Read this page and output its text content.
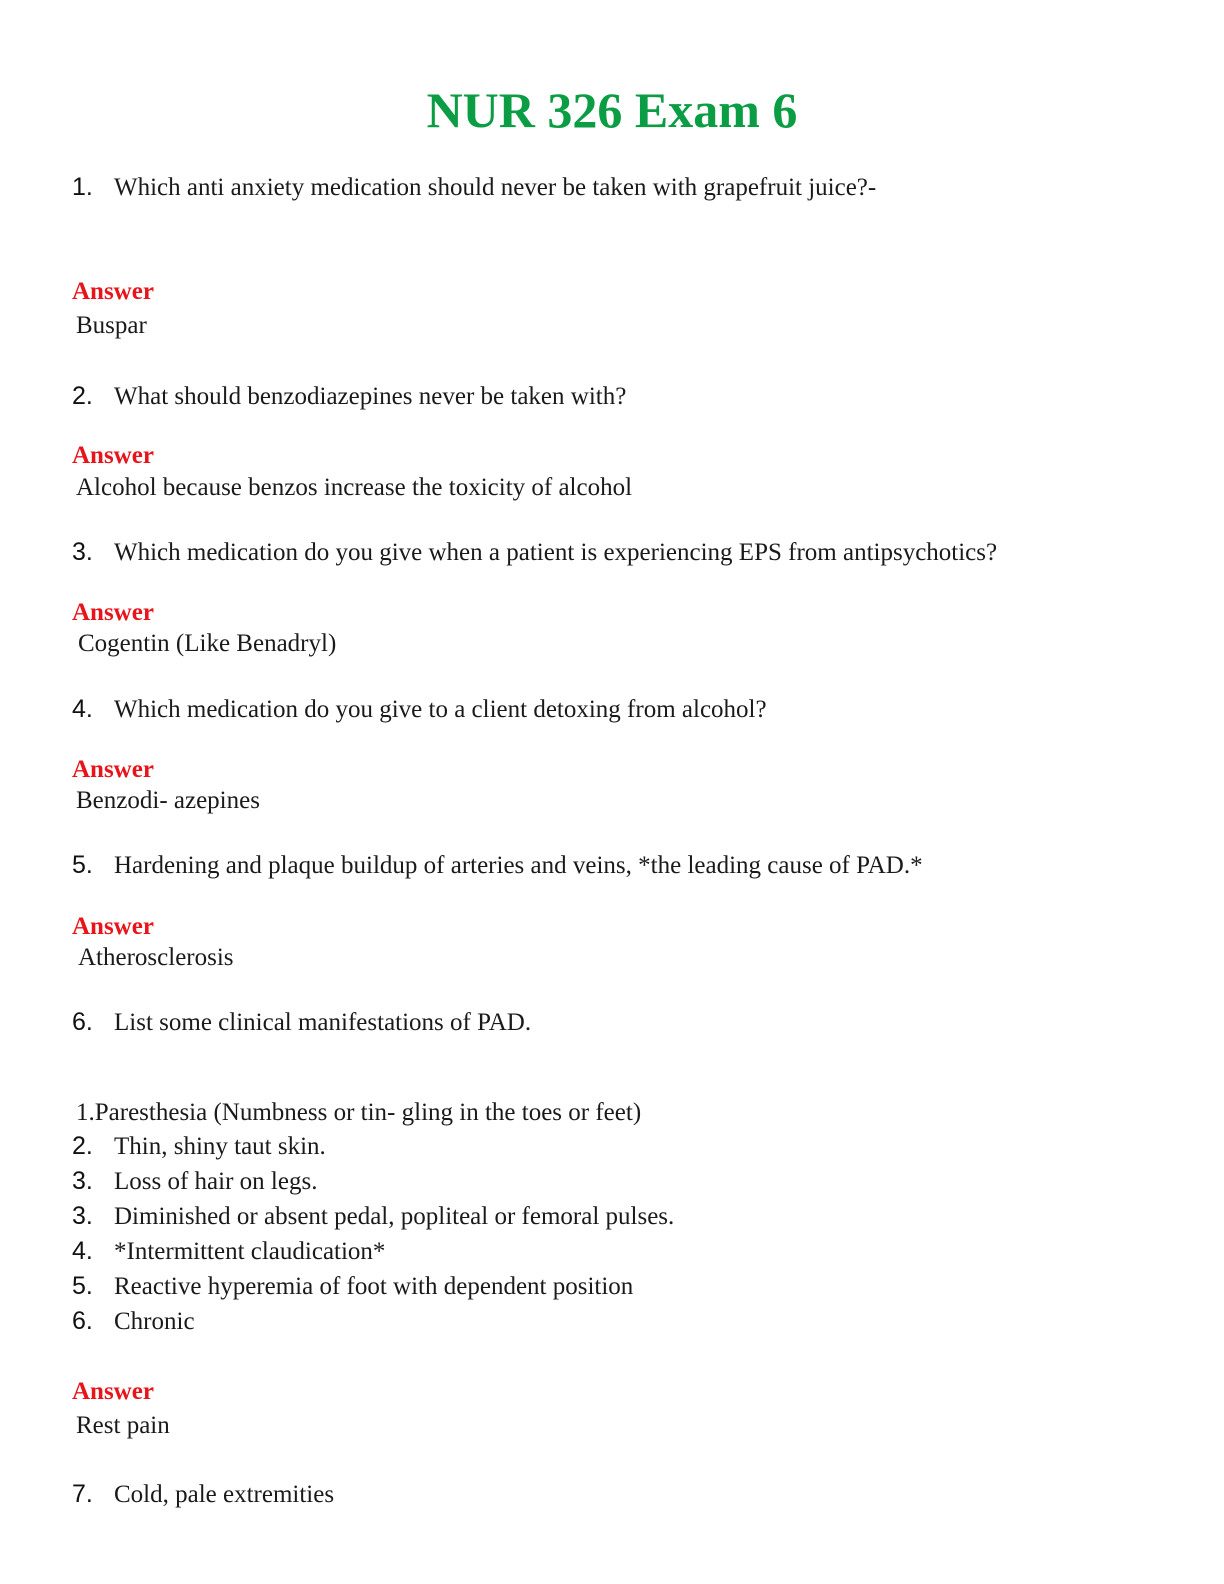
NUR 326 Exam 6
1. Which anti anxiety medication should never be taken with grapefruit juice?-
Answer
Buspar
2. What should benzodiazepines never be taken with?
Answer
Alcohol because benzos increase the toxicity of alcohol
3. Which medication do you give when a patient is experiencing EPS from antipsychotics?
Answer
Cogentin (Like Benadryl)
4. Which medication do you give to a client detoxing from alcohol?
Answer
Benzodi- azepines
5. Hardening and plaque buildup of arteries and veins, *the leading cause of PAD.*
Answer
Atherosclerosis
6. List some clinical manifestations of PAD.
1.Paresthesia (Numbness or tin- gling in the toes or feet)
2. Thin, shiny taut skin.
3. Loss of hair on legs.
3. Diminished or absent pedal, popliteal or femoral pulses.
4. *Intermittent claudication*
5. Reactive hyperemia of foot with dependent position
6. Chronic
Answer
Rest pain
7. Cold, pale extremities
